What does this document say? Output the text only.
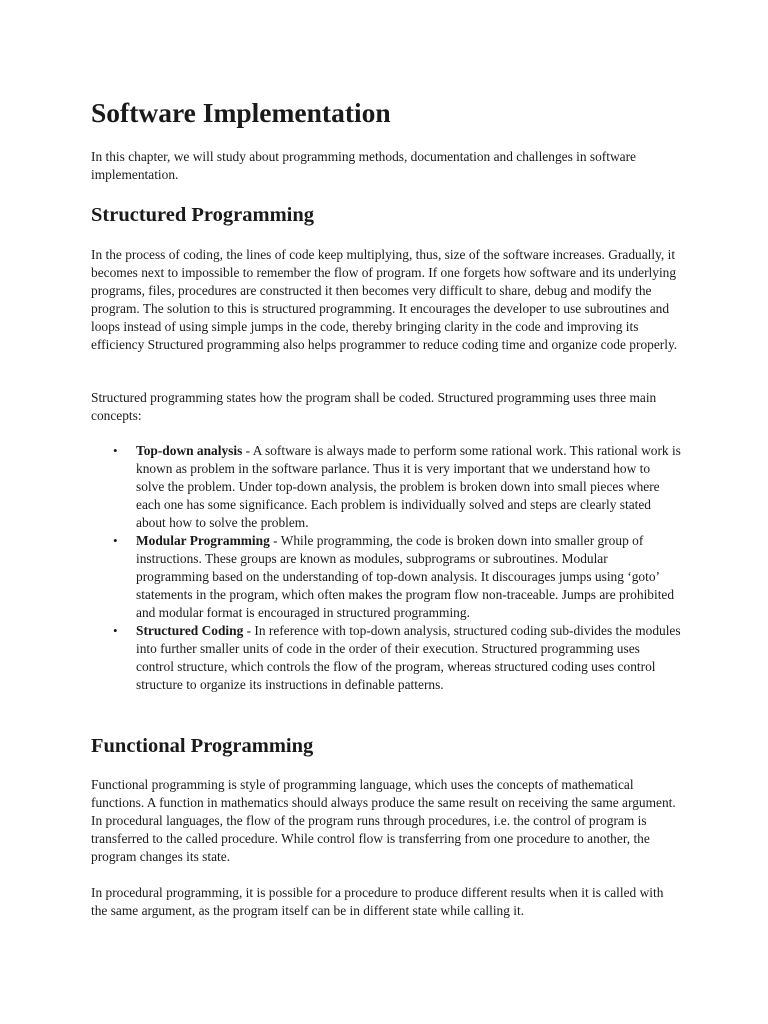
Software Implementation

In this chapter, we will study about programming methods, documentation and challenges in software implementation.

Structured Programming

In the process of coding, the lines of code keep multiplying, thus, size of the software increases. Gradually, it becomes next to impossible to remember the flow of program. If one forgets how software and its underlying programs, files, procedures are constructed it then becomes very difficult to share, debug and modify the program. The solution to this is structured programming. It encourages the developer to use subroutines and loops instead of using simple jumps in the code, thereby bringing clarity in the code and improving its efficiency Structured programming also helps programmer to reduce coding time and organize code properly.

Structured programming states how the program shall be coded. Structured programming uses three main concepts:

• Top-down analysis - A software is always made to perform some rational work. This rational work is known as problem in the software parlance. Thus it is very important that we understand how to solve the problem. Under top-down analysis, the problem is broken down into small pieces where each one has some significance. Each problem is individually solved and steps are clearly stated about how to solve the problem.
• Modular Programming - While programming, the code is broken down into smaller group of instructions. These groups are known as modules, subprograms or subroutines. Modular programming based on the understanding of top-down analysis. It discourages jumps using ‘goto’ statements in the program, which often makes the program flow non-traceable. Jumps are prohibited and modular format is encouraged in structured programming.
• Structured Coding - In reference with top-down analysis, structured coding sub-divides the modules into further smaller units of code in the order of their execution. Structured programming uses control structure, which controls the flow of the program, whereas structured coding uses control structure to organize its instructions in definable patterns.
Functional Programming

Functional programming is style of programming language, which uses the concepts of mathematical functions. A function in mathematics should always produce the same result on receiving the same argument. In procedural languages, the flow of the program runs through procedures, i.e. the control of program is transferred to the called procedure. While control flow is transferring from one procedure to another, the program changes its state.

In procedural programming, it is possible for a procedure to produce different results when it is called with the same argument, as the program itself can be in different state while calling it.
